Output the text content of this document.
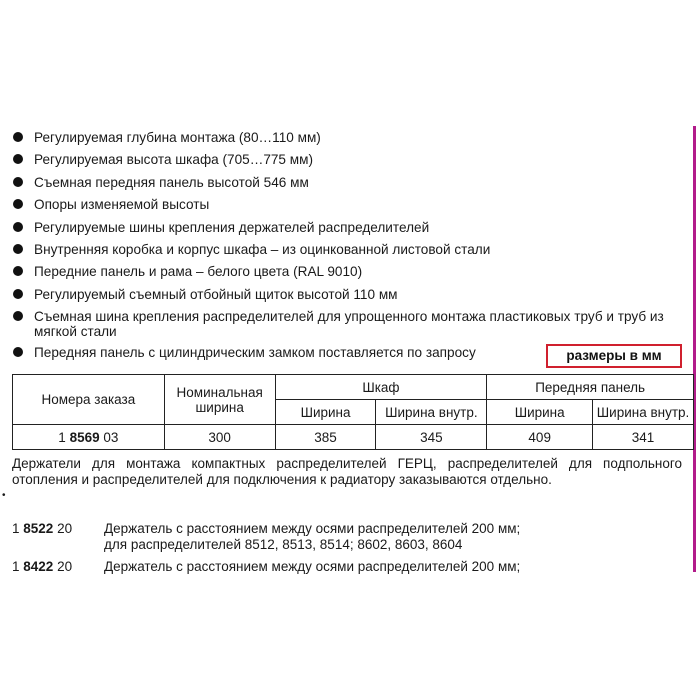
Регулируемая глубина монтажа (80…110 мм)
Регулируемая высота шкафа (705…775 мм)
Съемная передняя панель высотой 546 мм
Опоры изменяемой высоты
Регулируемые шины крепления держателей распределителей
Внутренняя коробка и корпус шкафа – из оцинкованной листовой стали
Передние панель и рама – белого цвета (RAL 9010)
Регулируемый съемный отбойный щиток высотой 110 мм
Съемная шина крепления распределителей для упрощенного монтажа пластиковых труб и труб из мягкой стали
Передняя панель с цилиндрическим замком поставляется по запросу	размеры в мм
Номера заказа	Номинальная ширина	Шкаф		Передняя панель	
		Ширина	Ширина внутр.	Ширина	Ширина внутр.
1 8569 03	300	385	345	409	341

Держатели для монтажа компактных распределителей ГЕРЦ, распределителей для подпольного отопления и распределителей для подключения к радиатору заказываются отдельно.

•
1 8522 20	Держатель с расстоянием между осями распределителей 200 мм;
для распределителей 8512, 8513, 8514; 8602, 8603, 8604
1 8422 20	Держатель с расстоянием между осями распределителей 200 мм;
